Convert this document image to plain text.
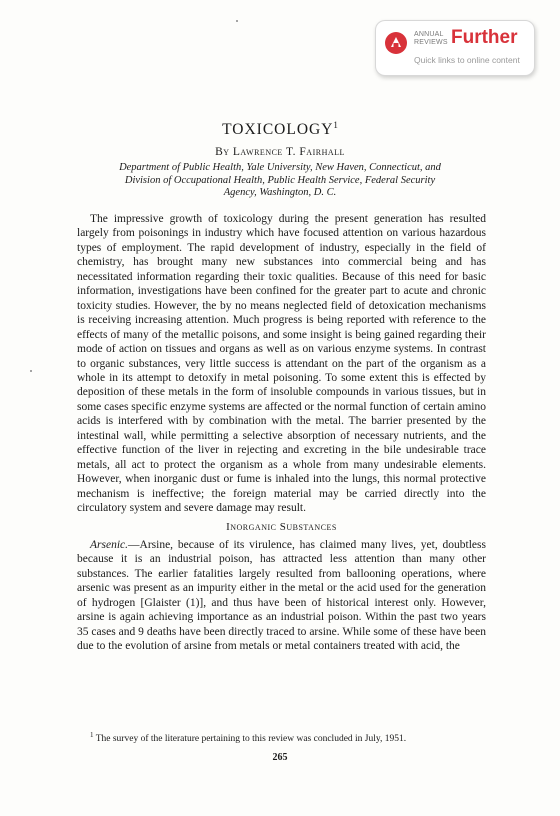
ANNUAL
REVIEWS Further
Quick links to online content
TOXICOLOGY$^1$
By Lawrence T. Fairhall
Department of Public Health, Yale University, New Haven, Connecticut, and
Division of Occupational Health, Public Health Service, Federal Security
Agency, Washington, D. C.

The impressive growth of toxicology during the present generation has resulted largely from poisonings in industry which have focused attention on various hazardous types of employment. The rapid development of industry, especially in the field of chemistry, has brought many new substances into commercial being and has necessitated information regarding their toxic qualities. Because of this need for basic information, investigations have been confined for the greater part to acute and chronic toxicity studies. However, the by no means neglected field of detoxication mechanisms is receiving increasing attention. Much progress is being reported with reference to the effects of many of the metallic poisons, and some insight is being gained regarding their mode of action on tissues and organs as well as on various enzyme systems. In contrast to organic substances, very little success is attendant on the part of the organism as a whole in its attempt to detoxify in metal poisoning. To some extent this is effected by deposition of these metals in the form of insoluble compounds in various tissues, but in some cases specific enzyme systems are affected or the normal function of certain amino acids is interfered with by combination with the metal. The barrier presented by the intestinal wall, while permitting a selective absorption of necessary nutrients, and the effective function of the liver in rejecting and excreting in the bile undesirable trace metals, all act to protect the organism as a whole from many undesirable elements. However, when inorganic dust or fume is inhaled into the lungs, this normal protective mechanism is ineffective; the foreign material may be carried directly into the circulatory system and severe damage may result.

Inorganic Substances

Arsenic.—Arsine, because of its virulence, has claimed many lives, yet, doubtless because it is an industrial poison, has attracted less attention than many other substances. The earlier fatalities largely resulted from ballooning operations, where arsenic was present as an impurity either in the metal or the acid used for the generation of hydrogen [Glaister (1)], and thus have been of historical interest only. However, arsine is again achieving importance as an industrial poison. Within the past two years 35 cases and 9 deaths have been directly traced to arsine. While some of these have been due to the evolution of arsine from metals or metal containers treated with acid, the

$^1$ The survey of the literature pertaining to this review was concluded in July, 1951.
265
